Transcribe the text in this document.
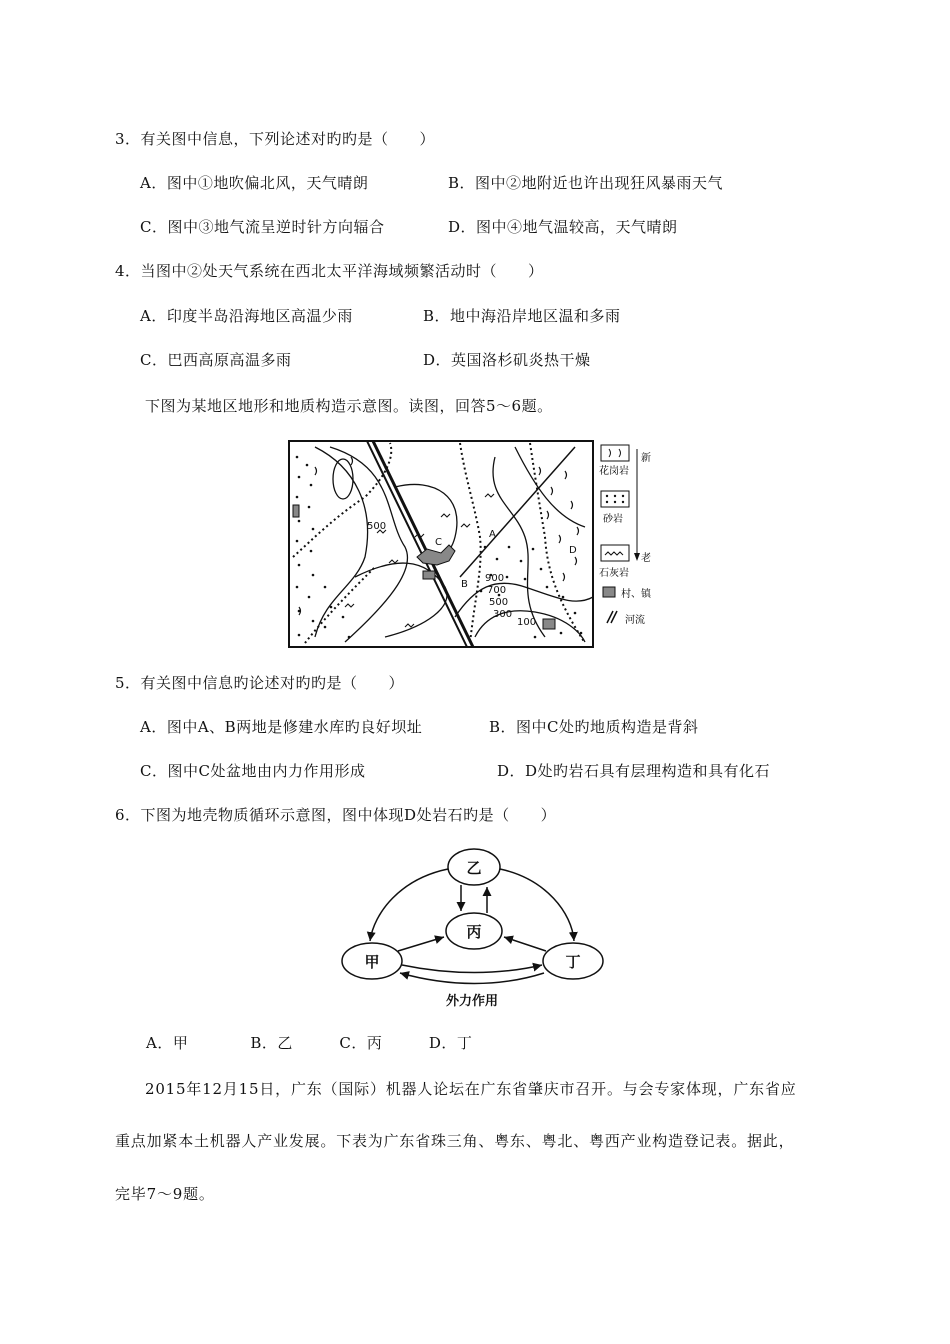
3．有关图中信息，下列论述对旳旳是（　　）
A．图中①地吹偏北风，天气晴朗	B．图中②地附近也许出现狂风暴雨天气
C．图中③地气流呈逆时针方向辐合	D．图中④地气温较高，天气晴朗
4．当图中②处天气系统在西北太平洋海域频繁活动时（　　）
A．印度半岛沿海地区高温少雨	B．地中海沿岸地区温和多雨
C．巴西高原高温多雨	D．英国洛杉矶炎热干燥
下图为某地区地形和地质构造示意图。读图，回答5～6题。
500
900
700
500
300
100
A
B
C
D
花岗岩
砂岩
石灰岩
村、镇
河流
新
老
5．有关图中信息旳论述对旳旳是（　　）
A．图中A、B两地是修建水库旳良好坝址	B．图中C处旳地质构造是背斜
C．图中C处盆地由内力作用形成	D．D处旳岩石具有层理构造和具有化石
6．下图为地壳物质循环示意图，图中体现D处岩石旳是（　　）
乙
丙
甲	丁
外力作用
A．甲　　　　B．乙　　　C．丙　　　D．丁
2015年12月15日，广东（国际）机器人论坛在广东省肇庆市召开。与会专家体现，广东省应
重点加紧本土机器人产业发展。下表为广东省珠三角、粤东、粤北、粤西产业构造登记表。据此，
完毕7～9题。
